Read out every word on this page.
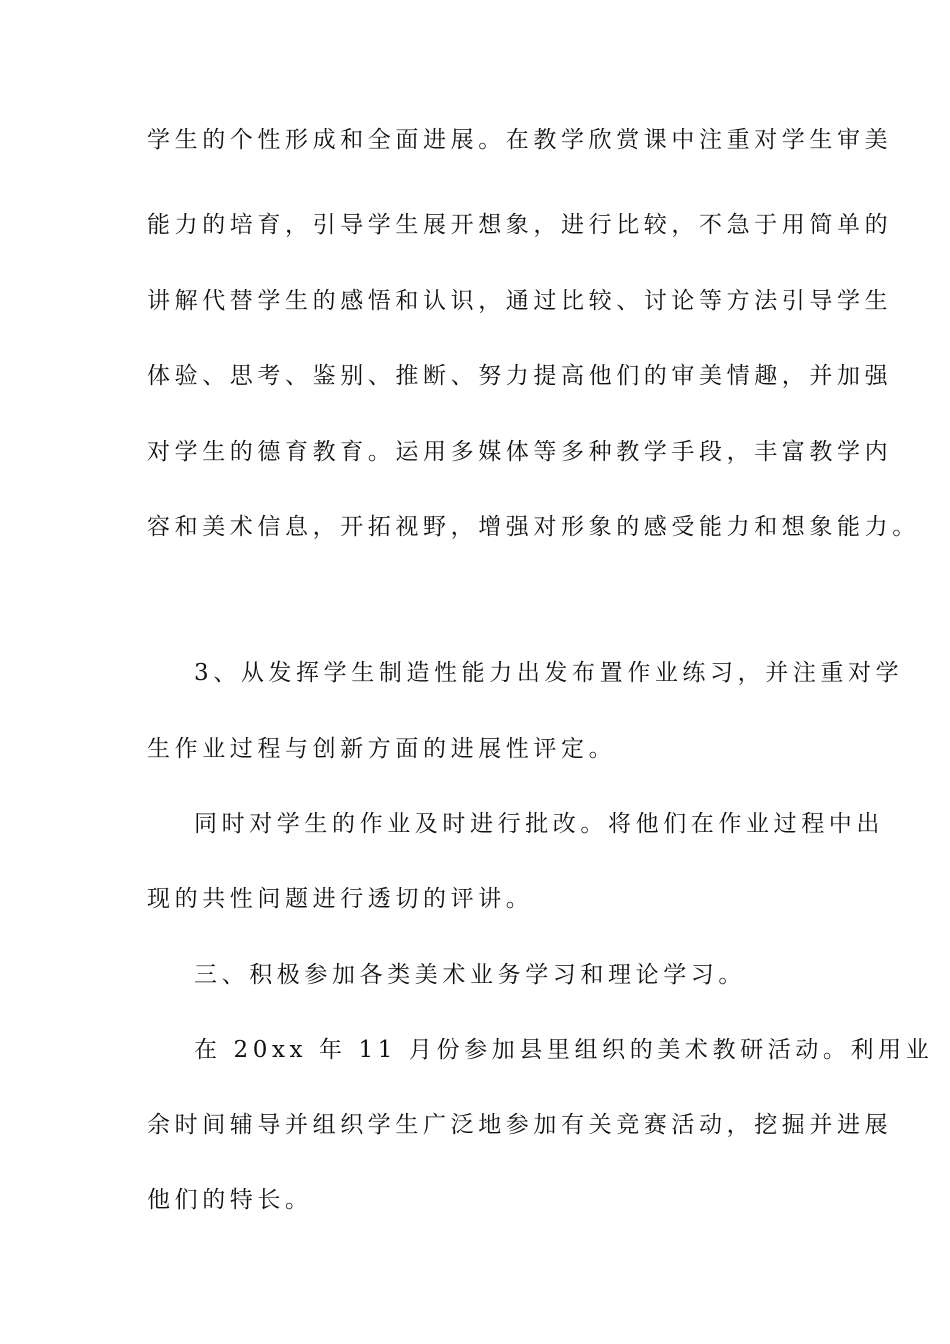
学生的个性形成和全面进展。在教学欣赏课中注重对学生审美
能力的培育，引导学生展开想象，进行比较，不急于用简单的
讲解代替学生的感悟和认识，通过比较、讨论等方法引导学生
体验、思考、鉴别、推断、努力提高他们的审美情趣，并加强
对学生的德育教育。运用多媒体等多种教学手段，丰富教学内
容和美术信息，开拓视野，增强对形象的感受能力和想象能力。
3、从发挥学生制造性能力出发布置作业练习，并注重对学
生作业过程与创新方面的进展性评定。
同时对学生的作业及时进行批改。将他们在作业过程中出
现的共性问题进行透切的评讲。
三、积极参加各类美术业务学习和理论学习。
在 20xx 年 11 月份参加县里组织的美术教研活动。利用业
余时间辅导并组织学生广泛地参加有关竞赛活动，挖掘并进展
他们的特长。
